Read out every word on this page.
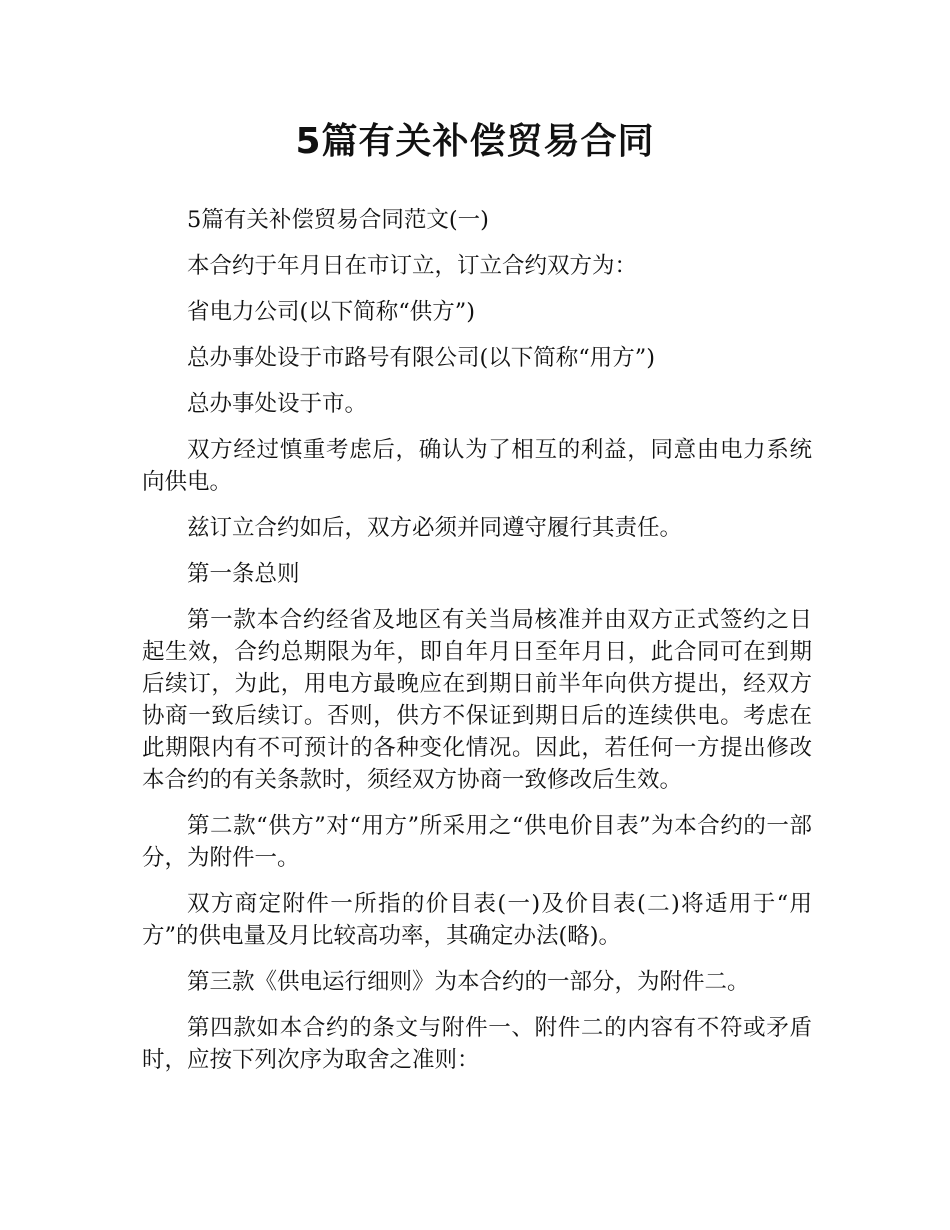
5篇有关补偿贸易合同

5篇有关补偿贸易合同范文(一)

本合约于年月日在市订立，订立合约双方为：

省电力公司(以下简称“供方”)

总办事处设于市路号有限公司(以下简称“用方”)

总办事处设于市。

双方经过慎重考虑后，确认为了相互的利益，同意由电力系统向供电。

兹订立合约如后，双方必须并同遵守履行其责任。

第一条总则

第一款本合约经省及地区有关当局核准并由双方正式签约之日起生效，合约总期限为年，即自年月日至年月日，此合同可在到期后续订，为此，用电方最晚应在到期日前半年向供方提出，经双方协商一致后续订。否则，供方不保证到期日后的连续供电。考虑在此期限内有不可预计的各种变化情况。因此，若任何一方提出修改本合约的有关条款时，须经双方协商一致修改后生效。

第二款“供方”对“用方”所采用之“供电价目表”为本合约的一部分，为附件一。

双方商定附件一所指的价目表(一)及价目表(二)将适用于“用方”的供电量及月比较高功率，其确定办法(略)。

第三款《供电运行细则》为本合约的一部分，为附件二。

第四款如本合约的条文与附件一、附件二的内容有不符或矛盾时，应按下列次序为取舍之准则：
